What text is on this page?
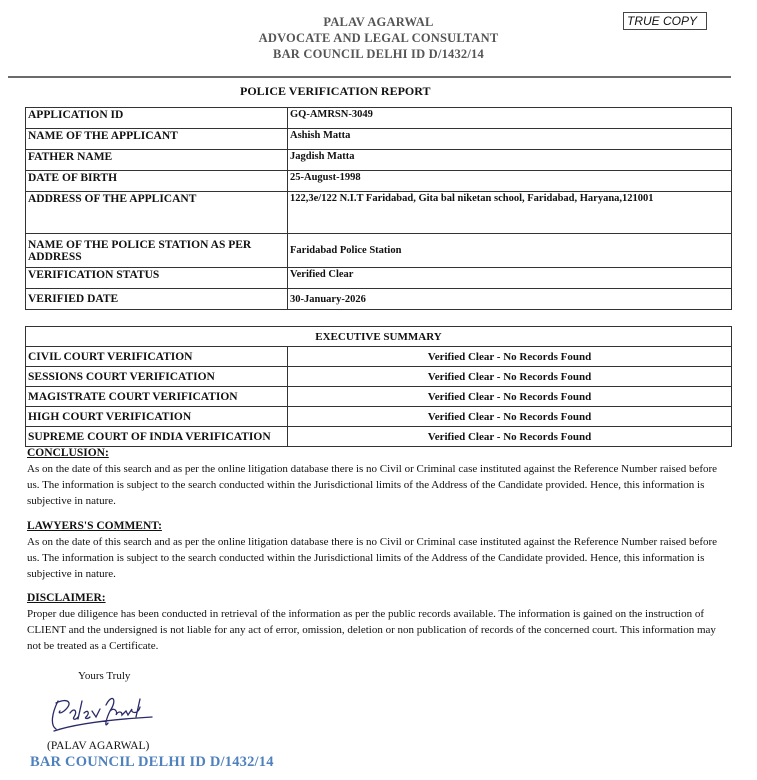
PALAV AGARWAL
ADVOCATE AND LEGAL CONSULTANT
BAR COUNCIL DELHI ID D/1432/14
TRUE COPY
POLICE VERIFICATION REPORT
APPLICATION ID	GQ-AMRSN-3049
NAME OF THE APPLICANT	Ashish Matta
FATHER NAME	Jagdish Matta
DATE OF BIRTH	25-August-1998
ADDRESS OF THE APPLICANT	122,3e/122 N.I.T Faridabad, Gita bal niketan school, Faridabad, Haryana,121001
NAME OF THE POLICE STATION AS PER ADDRESS	Faridabad Police Station
VERIFICATION STATUS	Verified Clear
VERIFIED DATE	30-January-2026
EXECUTIVE SUMMARY	
CIVIL COURT VERIFICATION	Verified Clear - No Records Found
SESSIONS COURT VERIFICATION	Verified Clear - No Records Found
MAGISTRATE COURT VERIFICATION	Verified Clear - No Records Found
HIGH COURT VERIFICATION	Verified Clear - No Records Found
SUPREME COURT OF INDIA VERIFICATION	Verified Clear - No Records Found
CONCLUSION:

As on the date of this search and as per the online litigation database there is no Civil or Criminal case instituted against the Reference Number raised before us. The information is subject to the search conducted within the Jurisdictional limits of the Address of the Candidate provided. Hence, this information is subjective in nature.

LAWYERS'S COMMENT:

As on the date of this search and as per the online litigation database there is no Civil or Criminal case instituted against the Reference Number raised before us. The information is subject to the search conducted within the Jurisdictional limits of the Address of the Candidate provided. Hence, this information is subjective in nature.

DISCLAIMER:

Proper due diligence has been conducted in retrieval of the information as per the public records available. The information is gained on the instruction of CLIENT and the undersigned is not liable for any act of error, omission, deletion or non publication of records of the concerned court. This information may not be treated as a Certificate.

Yours Truly
(PALAV AGARWAL)
BAR COUNCIL DELHI ID D/1432/14
